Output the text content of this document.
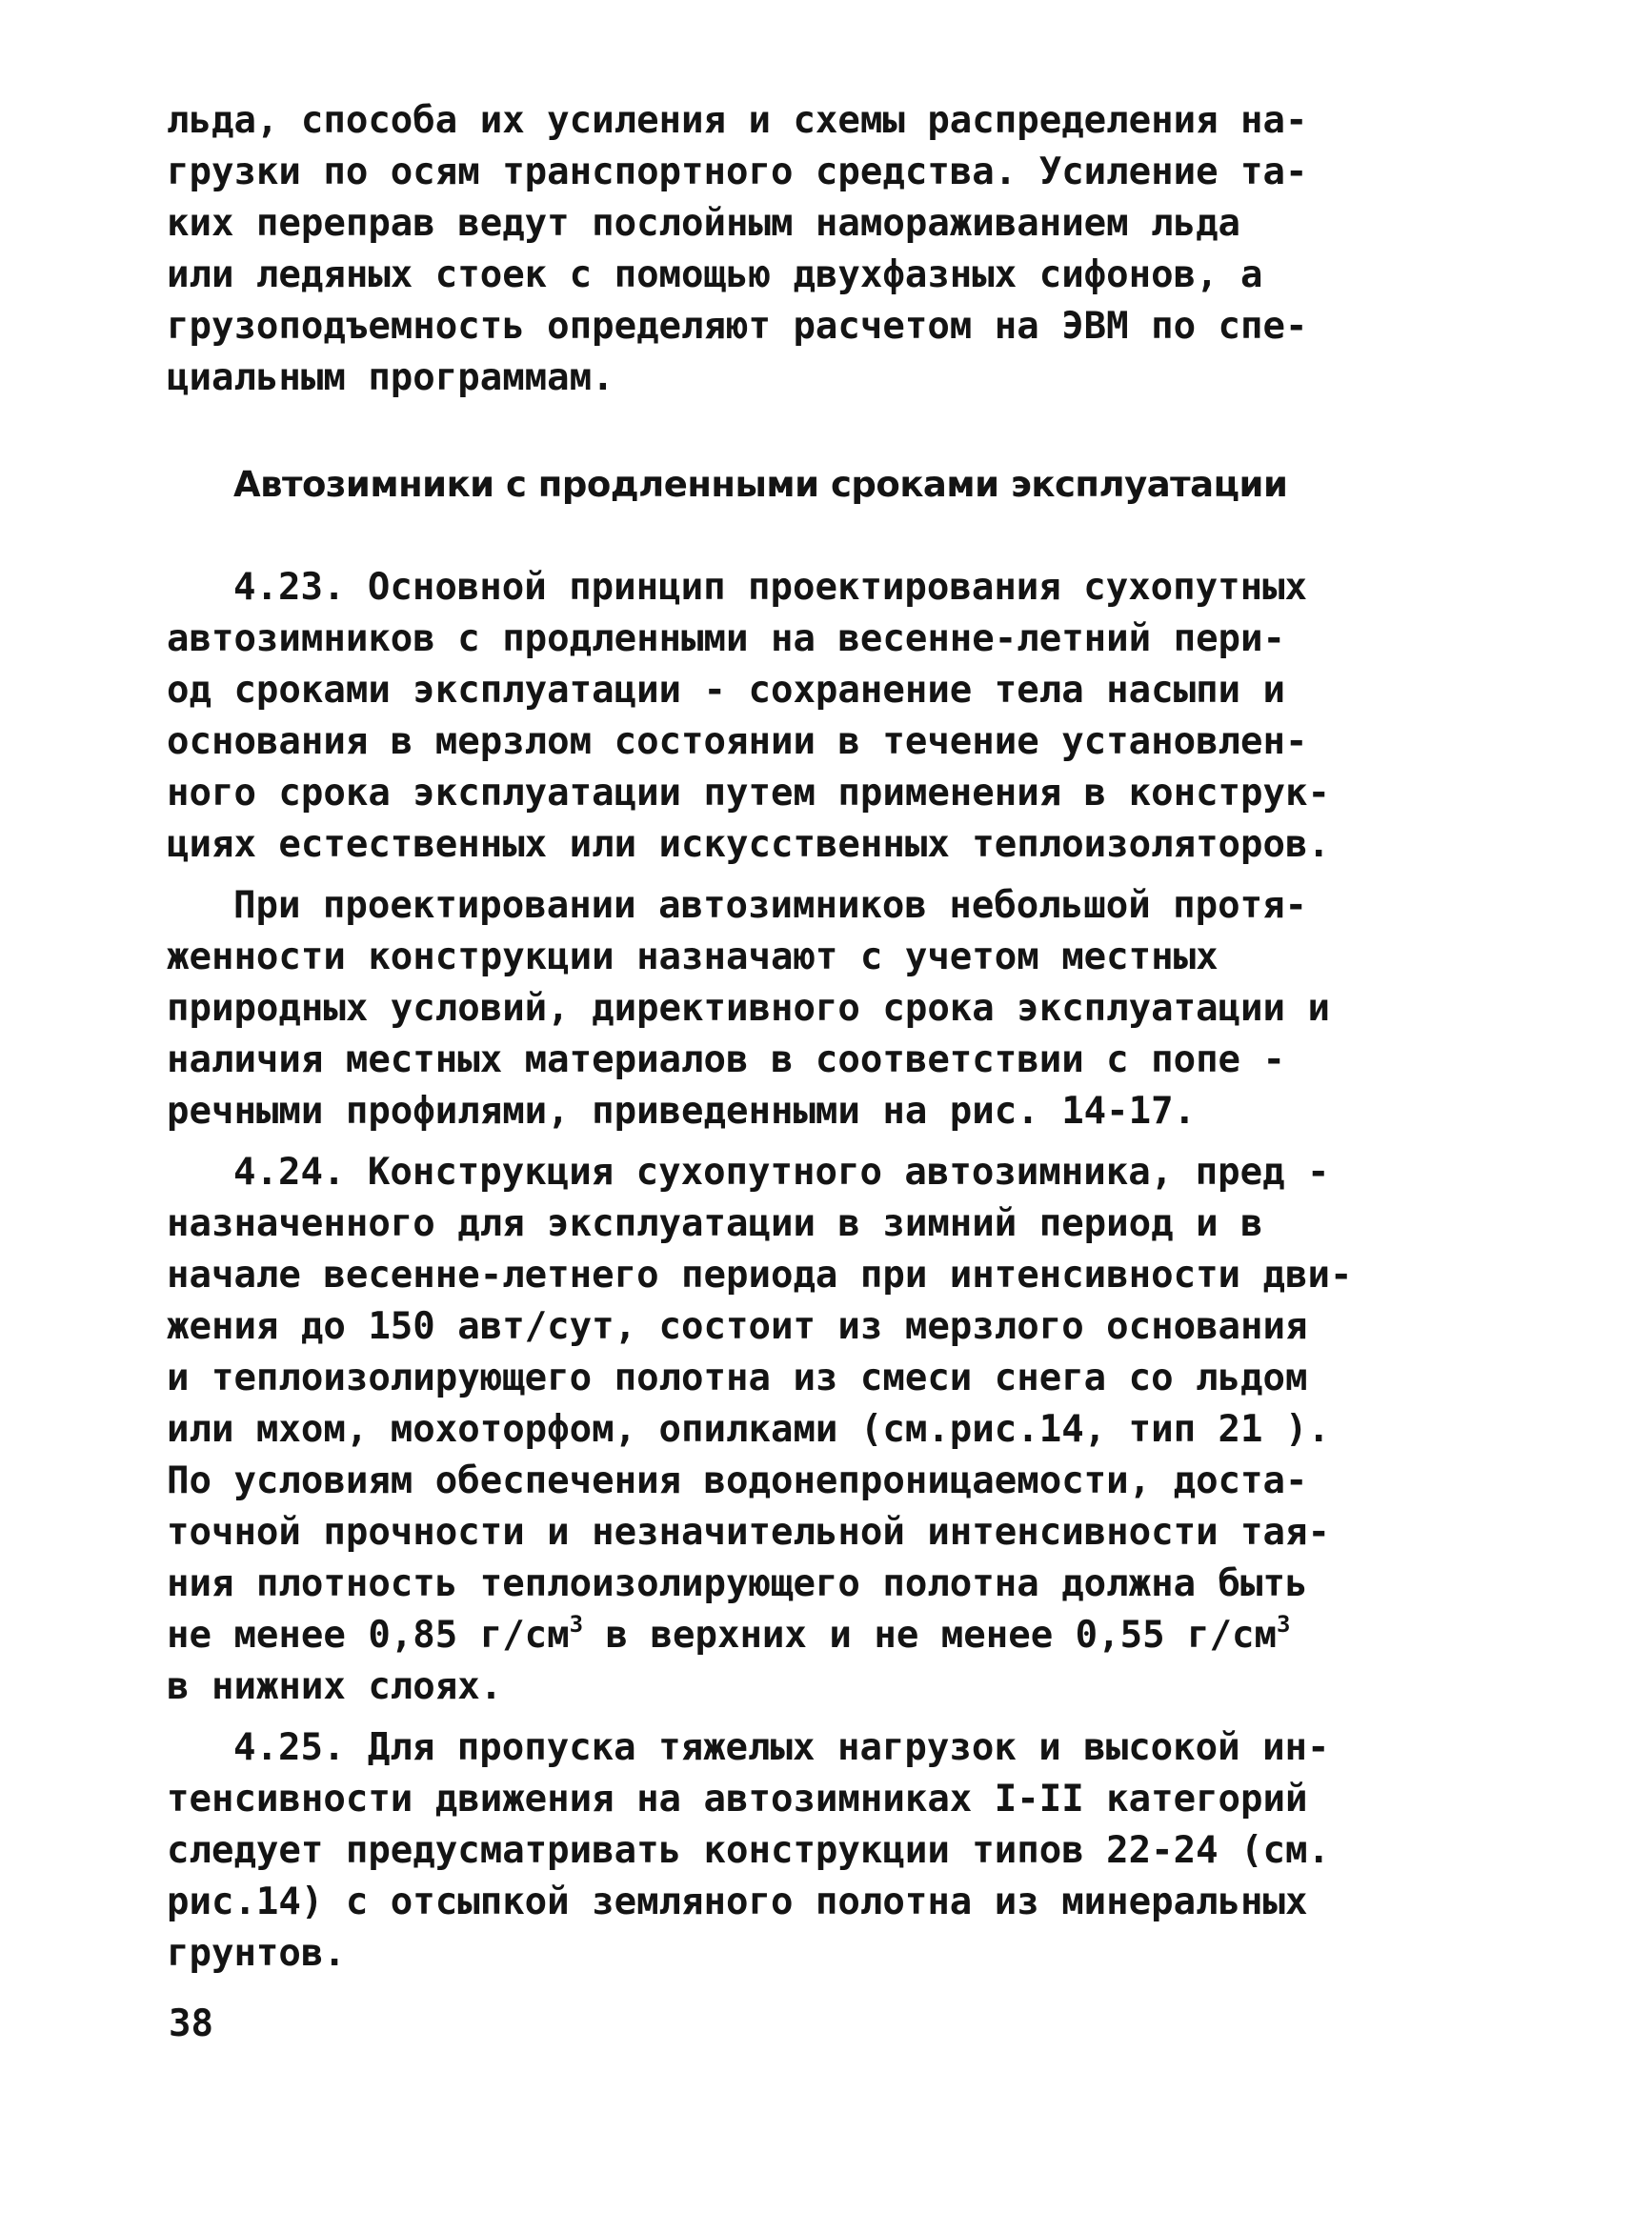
льда, способа их усиления и схемы распределения на-
грузки по осям транспортного средства. Усиление та-
ких переправ ведут послойным намораживанием льда
или ледяных стоек с помощью двухфазных сифонов, а
грузоподъемность определяют расчетом на ЭВМ по спе-
циальным программам.

Автозимники с продленными сроками эксплуатации

4.23. Основной принцип проектирования сухопутных
автозимников с продленными на весенне-летний пери-
од сроками эксплуатации - сохранение тела насыпи и
основания в мерзлом состоянии в течение установлен-
ного срока эксплуатации путем применения в конструк-
циях естественных или искусственных теплоизоляторов.

При проектировании автозимников небольшой протя-
женности конструкции назначают с учетом местных
природных условий, директивного срока эксплуатации и
наличия местных материалов в соответствии с попе -
речными профилями, приведенными на рис. 14-17.

4.24. Конструкция сухопутного автозимника, пред -
назначенного для эксплуатации в зимний период и в
начале весенне-летнего периода при интенсивности дви-
жения до 150 авт/сут, состоит из мерзлого основания
и теплоизолирующего полотна из смеси снега со льдом
или мхом, мохоторфом, опилками (см.рис.14, тип 21 ).
По условиям обеспечения водонепроницаемости, доста-
точной прочности и незначительной интенсивности тая-
ния плотность теплоизолирующего полотна должна быть
не менее 0,85 $г/см^3$ в верхних и не менее 0,55 $г/см^3$
в нижних слоях.

4.25. Для пропуска тяжелых нагрузок и высокой ин-
тенсивности движения на автозимниках I-II категорий
следует предусматривать конструкции типов 22-24 (см.
рис.14) с отсыпкой земляного полотна из минеральных
грунтов.

38
